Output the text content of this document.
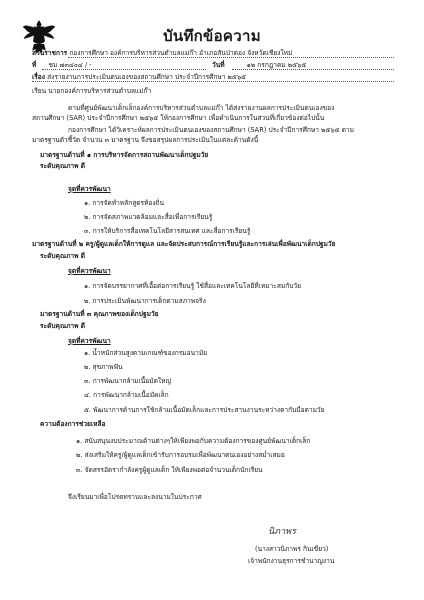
บันทึกข้อความ
ส่วนราชการ กองการศึกษา องค์การบริหารส่วนตำบลแม่ก๊า อำเภอสันป่าตอง จังหวัดเชียงใหม่
ที่ ชม ๗๓๔๐๔ / -	วันที่	๑๒ กรกฎาคม ๒๕๖๕
เรื่อง ส่งรายงานการประเมินตนเองของสถานศึกษา ประจำปีการศึกษา ๒๕๖๕
เรียน นายกองค์การบริหารส่วนตำบลแม่ก๊า
ตามที่ศูนย์พัฒนาเด็กเล็กองค์การบริหารส่วนตำบลแม่ก๊า ได้ส่งรายงานผลการประเมินตนเองของ
สถานศึกษา (SAR) ประจำปีการศึกษา ๒๕๖๕ ให้กองการศึกษา เพื่อดำเนินการในส่วนที่เกี่ยวข้องต่อไปนั้น
กองการศึกษา ได้วิเคราะห์ผลการประเมินตนเองของสถานศึกษา (SAR) ประจำปีการศึกษา ๒๕๖๕ ตาม
มาตรฐานตัวชี้วัด จำนวน ๓ มาตรฐาน จึงขอสรุปผลการประเมินในแต่ละด้านดังนี้
มาตรฐานด้านที่ ๑ การบริหารจัดการสถานพัฒนาเด็กปฐมวัย
ระดับคุณภาพ ดี
จุดที่ควรพัฒนา
๑. การจัดทำหลักสูตรท้องถิ่น
๒. การจัดสภาพแวดล้อมและสื่อเพื่อการเรียนรู้
๓. การให้บริการสื่อเทคโนโลยีสารสนเทศ และสื่อการเรียนรู้
มาตรฐานด้านที่ ๒ ครู/ผู้ดูแลเด็กให้การดูแล และจัดประสบการณ์การเรียนรู้และการเล่นเพื่อพัฒนาเด็กปฐมวัย
ระดับคุณภาพ ดี
จุดที่ควรพัฒนา
๑. การจัดบรรยากาศที่เอื้อต่อการเรียนรู้ ใช้สื่อและเทคโนโลยีที่เหมาะสมกับวัย
๒. การประเมินพัฒนาการเด็กตามสภาพจริง
มาตรฐานด้านที่ ๓ คุณภาพของเด็กปฐมวัย
ระดับคุณภาพ ดี
จุดที่ควรพัฒนา
๑. น้ำหนักส่วนสูงตามเกณฑ์ของกรมอนามัย
๒. สุขภาพฟัน
๓. การพัฒนากล้ามเนื้อมัดใหญ่
๔. การพัฒนากล้ามเนื้อมัดเล็ก
๕. พัฒนาการด้านการใช้กล้ามเนื้อมัดเล็กและการประสานงานระหว่างตากับมือตามวัย
ความต้องการช่วยเหลือ
๑. สนับสนุนงบประมาณด้านต่างๆให้เพียงพอกับความต้องการของศูนย์พัฒนาเด็กเล็ก
๒. ส่งเสริมให้ครู/ผู้ดูแลเด็กเข้ารับการอบรมเพื่อพัฒนาตนเองอย่างสม่ำเสมอ
๓. จัดสรรอัตรากำลังครูผู้ดูแลเด็ก ให้เพียงพอต่อจำนวนเด็กนักเรียน
จึงเรียนมาเพื่อโปรดทราบและลงนามในประกาศ
นิภาพร
(นางสาวนิภาพร กินเขียว)
เจ้าพนักงานธุรการชำนาญงาน
